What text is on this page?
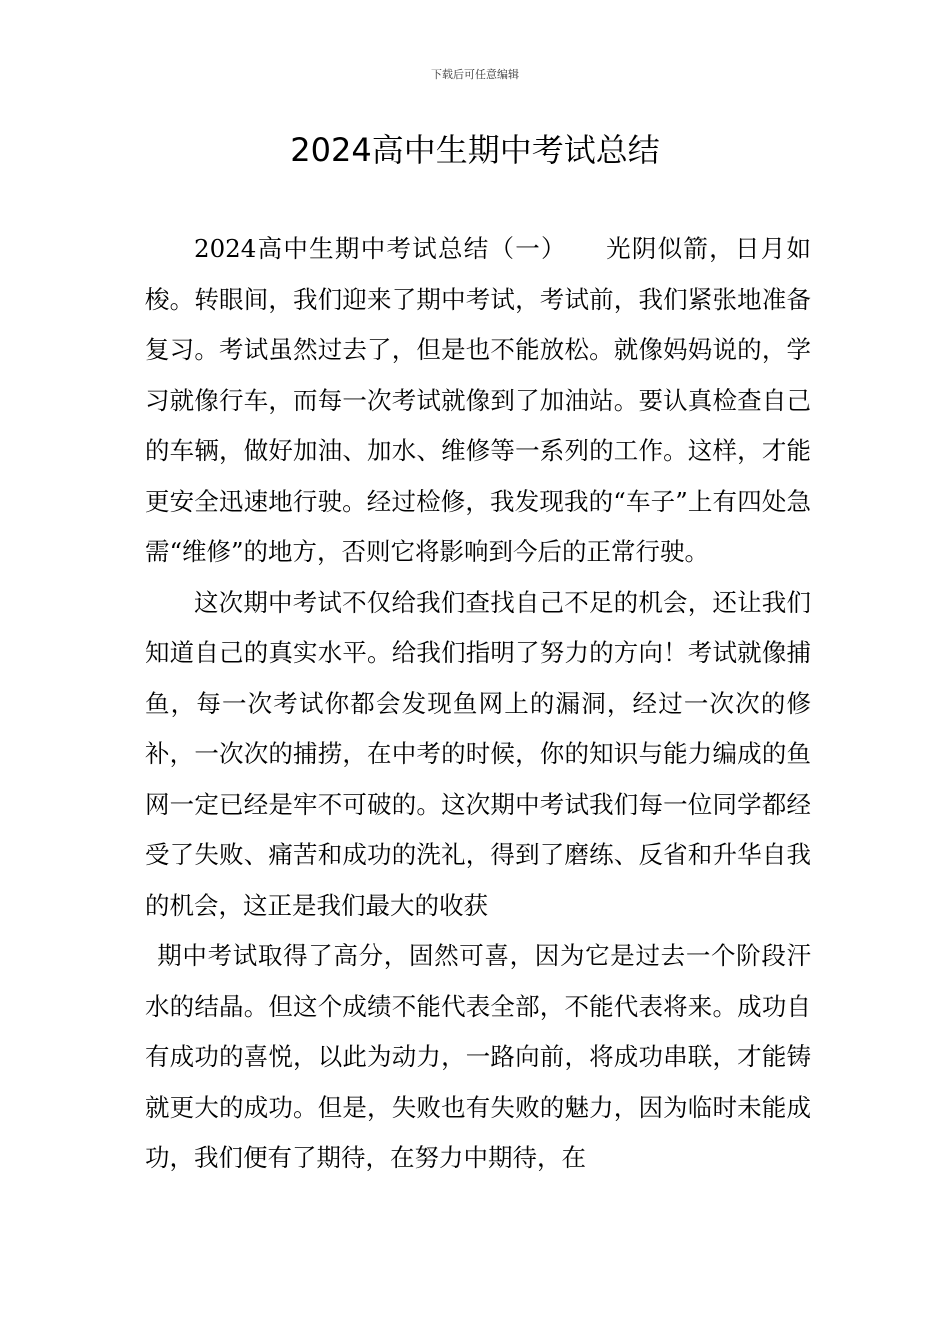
下载后可任意编辑
2024高中生期中考试总结

2024高中生期中考试总结（一）　　光阴似箭，日月如梭。转眼间，我们迎来了期中考试，考试前，我们紧张地准备复习。考试虽然过去了，但是也不能放松。就像妈妈说的，学习就像行车，而每一次考试就像到了加油站。要认真检查自己的车辆，做好加油、加水、维修等一系列的工作。这样，才能更安全迅速地行驶。经过检修，我发现我的“车子”上有四处急需“维修”的地方，否则它将影响到今后的正常行驶。

这次期中考试不仅给我们查找自己不足的机会，还让我们知道自己的真实水平。给我们指明了努力的方向！考试就像捕鱼，每一次考试你都会发现鱼网上的漏洞，经过一次次的修补，一次次的捕捞，在中考的时候，你的知识与能力编成的鱼网一定已经是牢不可破的。这次期中考试我们每一位同学都经受了失败、痛苦和成功的洗礼，得到了磨练、反省和升华自我的机会，这正是我们最大的收获

期中考试取得了高分，固然可喜，因为它是过去一个阶段汗水的结晶。但这个成绩不能代表全部，不能代表将来。成功自有成功的喜悦，以此为动力，一路向前，将成功串联，才能铸就更大的成功。但是，失败也有失败的魅力，因为临时未能成功，我们便有了期待，在努力中期待，在
